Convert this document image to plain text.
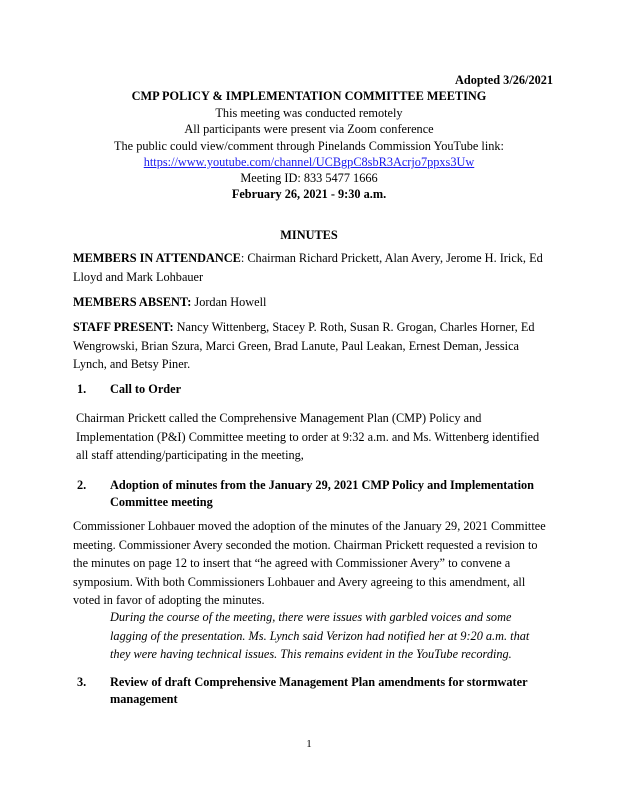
Adopted 3/26/2021
CMP POLICY & IMPLEMENTATION COMMITTEE MEETING
This meeting was conducted remotely
All participants were present via Zoom conference
The public could view/comment through Pinelands Commission YouTube link:
https://www.youtube.com/channel/UCBgpC8sbR3Acrjo7ppxs3Uw
Meeting ID: 833 5477 1666
February 26, 2021 - 9:30 a.m.
MINUTES
MEMBERS IN ATTENDANCE: Chairman Richard Prickett, Alan Avery, Jerome H. Irick, Ed
Lloyd and Mark Lohbauer
MEMBERS ABSENT: Jordan Howell
STAFF PRESENT: Nancy Wittenberg, Stacey P. Roth, Susan R. Grogan, Charles Horner, Ed
Wengrowski, Brian Szura, Marci Green, Brad Lanute, Paul Leakan, Ernest Deman, Jessica
Lynch, and Betsy Piner.
1. Call to Order
Chairman Prickett called the Comprehensive Management Plan (CMP) Policy and
Implementation (P&I) Committee meeting to order at 9:32 a.m. and Ms. Wittenberg identified
all staff attending/participating in the meeting,
2. Adoption of minutes from the January 29, 2021 CMP Policy and Implementation
Committee meeting
Commissioner Lohbauer moved the adoption of the minutes of the January 29, 2021 Committee
meeting. Commissioner Avery seconded the motion. Chairman Prickett requested a revision to
the minutes on page 12 to insert that “he agreed with Commissioner Avery” to convene a
symposium. With both Commissioners Lohbauer and Avery agreeing to this amendment, all
voted in favor of adopting the minutes.
During the course of the meeting, there were issues with garbled voices and some
lagging of the presentation. Ms. Lynch said Verizon had notified her at 9:20 a.m. that
they were having technical issues. This remains evident in the YouTube recording.
3. Review of draft Comprehensive Management Plan amendments for stormwater
management
1
